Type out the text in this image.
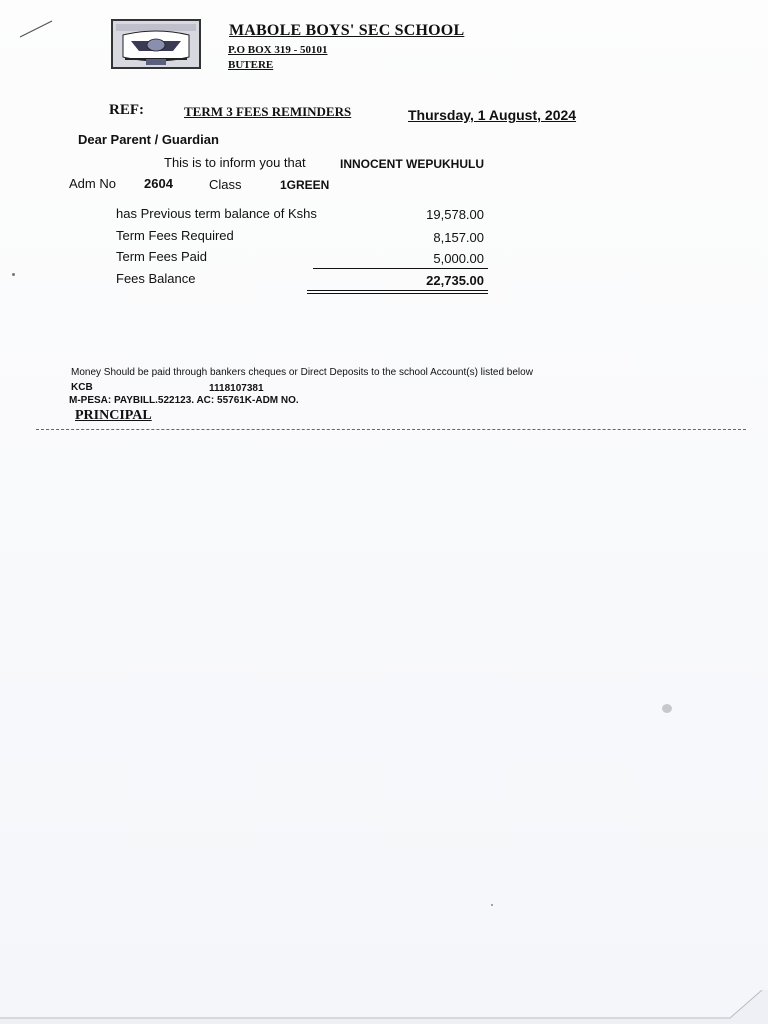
MABOLE BOYS' SEC SCHOOL
P.O BOX 319 - 50101
BUTERE
REF:	TERM 3 FEES REMINDERS	Thursday, 1 August, 2024
Dear Parent / Guardian
This is to inform you that	INNOCENT WEPUKHULU
Adm No 2604	Class	1GREEN
has Previous term balance of Kshs	19,578.00
Term Fees Required	8,157.00
Term Fees Paid	5,000.00
Fees Balance	22,735.00
Money Should be paid through bankers cheques or Direct Deposits to the school Account(s) listed below
KCB	1118107381
M-PESA: PAYBILL.522123. AC: 55761K-ADM NO.
PRINCIPAL
